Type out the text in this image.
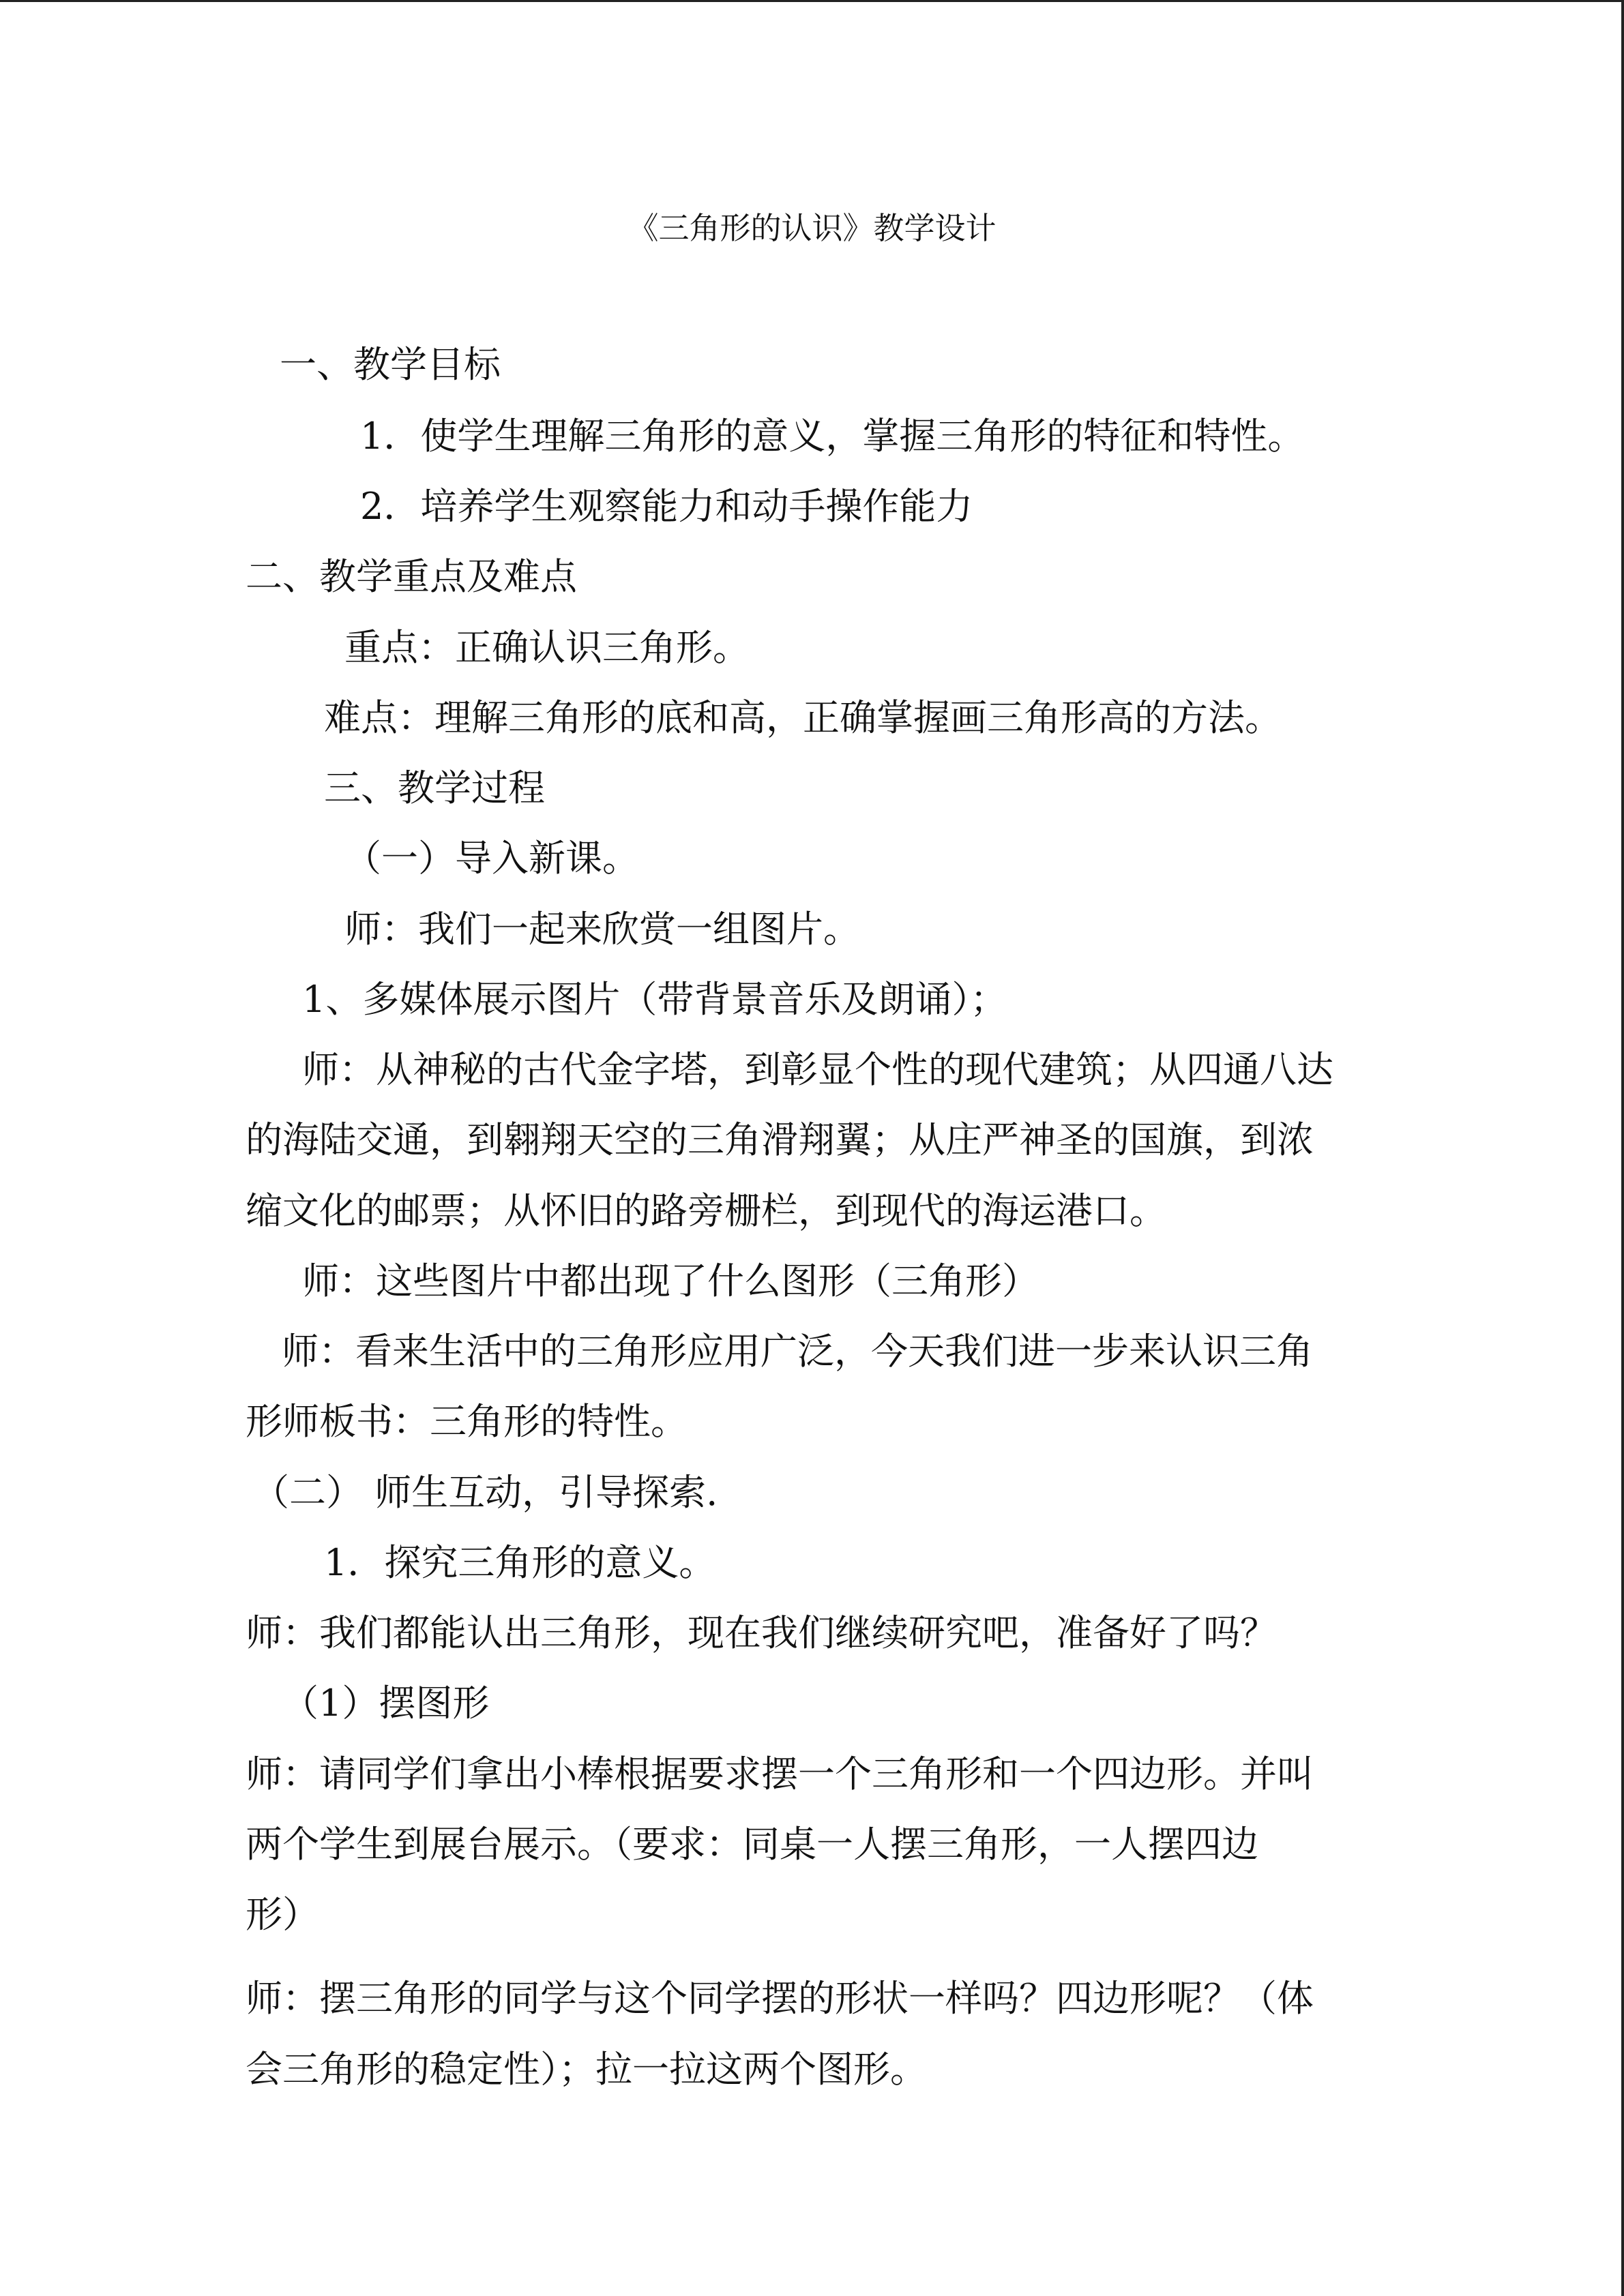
《三角形的认识》教学设计
一、教学目标
1．使学生理解三角形的意义，掌握三角形的特征和特性。
2．培养学生观察能力和动手操作能力
二、教学重点及难点
重点：正确认识三角形。
难点：理解三角形的底和高，正确掌握画三角形高的方法。
三、教学过程
（一）导入新课。
师：我们一起来欣赏一组图片。
1、多媒体展示图片（带背景音乐及朗诵）；
师：从神秘的古代金字塔，到彰显个性的现代建筑；从四通八达
的海陆交通，到翱翔天空的三角滑翔翼；从庄严神圣的国旗，到浓
缩文化的邮票；从怀旧的路旁栅栏，到现代的海运港口。
师：这些图片中都出现了什么图形（三角形）
师：看来生活中的三角形应用广泛，今天我们进一步来认识三角
形师板书：三角形的特性。
（二） 师生互动，引导探索.
1．探究三角形的意义。
师：我们都能认出三角形，现在我们继续研究吧，准备好了吗？
（1）摆图形
师：请同学们拿出小棒根据要求摆一个三角形和一个四边形。并叫
两个学生到展台展示。（要求：同桌一人摆三角形，一人摆四边
形）
师：摆三角形的同学与这个同学摆的形状一样吗？四边形呢？（体
会三角形的稳定性）；拉一拉这两个图形。
